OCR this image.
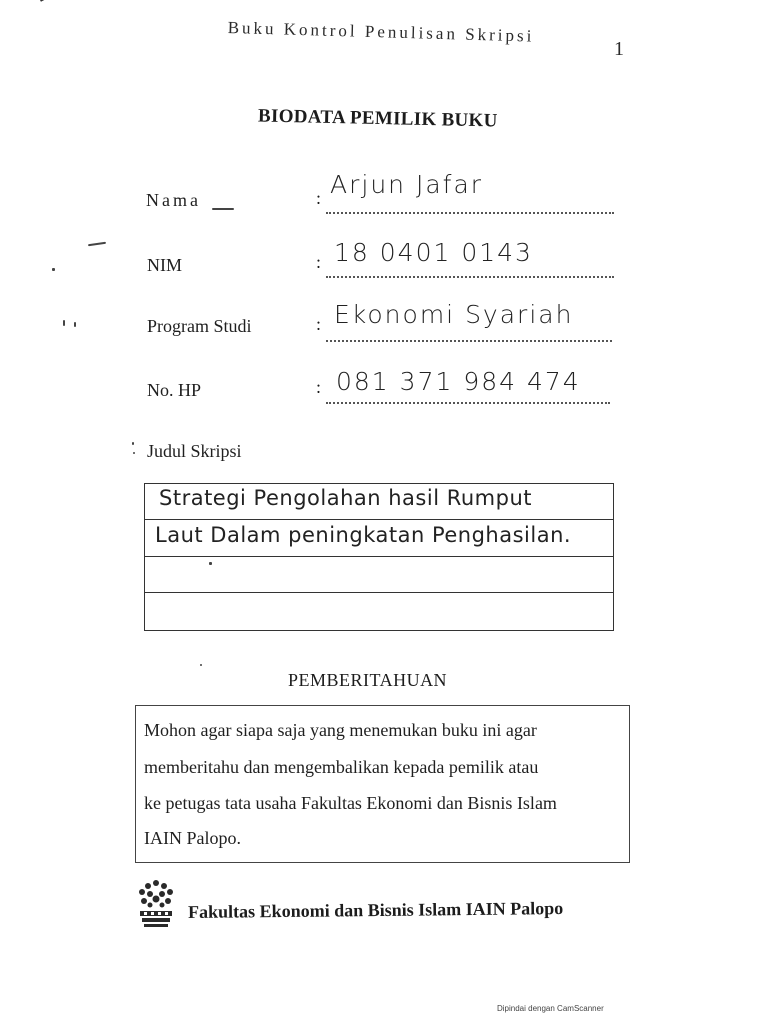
Buku Kontrol Penulisan Skripsi
1
BIODATA PEMILIK BUKU
Nama	: Arjun Jafar
NIM	: 18 0401 0143
Program Studi	: Ekonomi Syariah
No. HP	: 081 371 984 474
Judul Skripsi
Strategi Pengolahan hasil Rumput
Laut Dalam peningkatan Penghasilan.
PEMBERITAHUAN
Mohon agar siapa saja yang menemukan buku ini agar
memberitahu dan mengembalikan kepada pemilik atau
ke petugas tata usaha Fakultas Ekonomi dan Bisnis Islam
IAIN Palopo.
Fakultas Ekonomi dan Bisnis Islam IAIN Palopo
Dipindai dengan CamScanner
